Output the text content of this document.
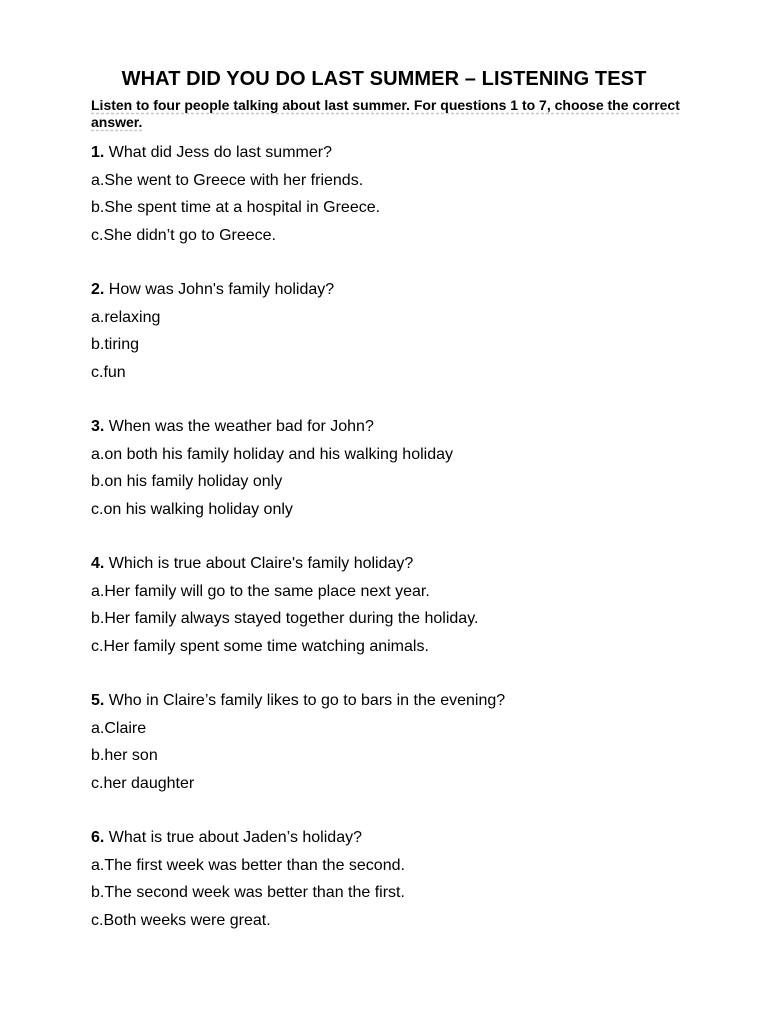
WHAT DID YOU DO LAST SUMMER – LISTENING TEST
Listen to four people talking about last summer. For questions 1 to 7, choose the correct answer.
1. What did Jess do last summer?
a.She went to Greece with her friends.
b.She spent time at a hospital in Greece.
c.She didn’t go to Greece.
2. How was John's family holiday?
a.relaxing
b.tiring
c.fun
3. When was the weather bad for John?
a.on both his family holiday and his walking holiday
b.on his family holiday only
c.on his walking holiday only
4. Which is true about Claire's family holiday?
a.Her family will go to the same place next year.
b.Her family always stayed together during the holiday.
c.Her family spent some time watching animals.
5. Who in Claire’s family likes to go to bars in the evening?
a.Claire
b.her son
c.her daughter
6. What is true about Jaden’s holiday?
a.The first week was better than the second.
b.The second week was better than the first.
c.Both weeks were great.
